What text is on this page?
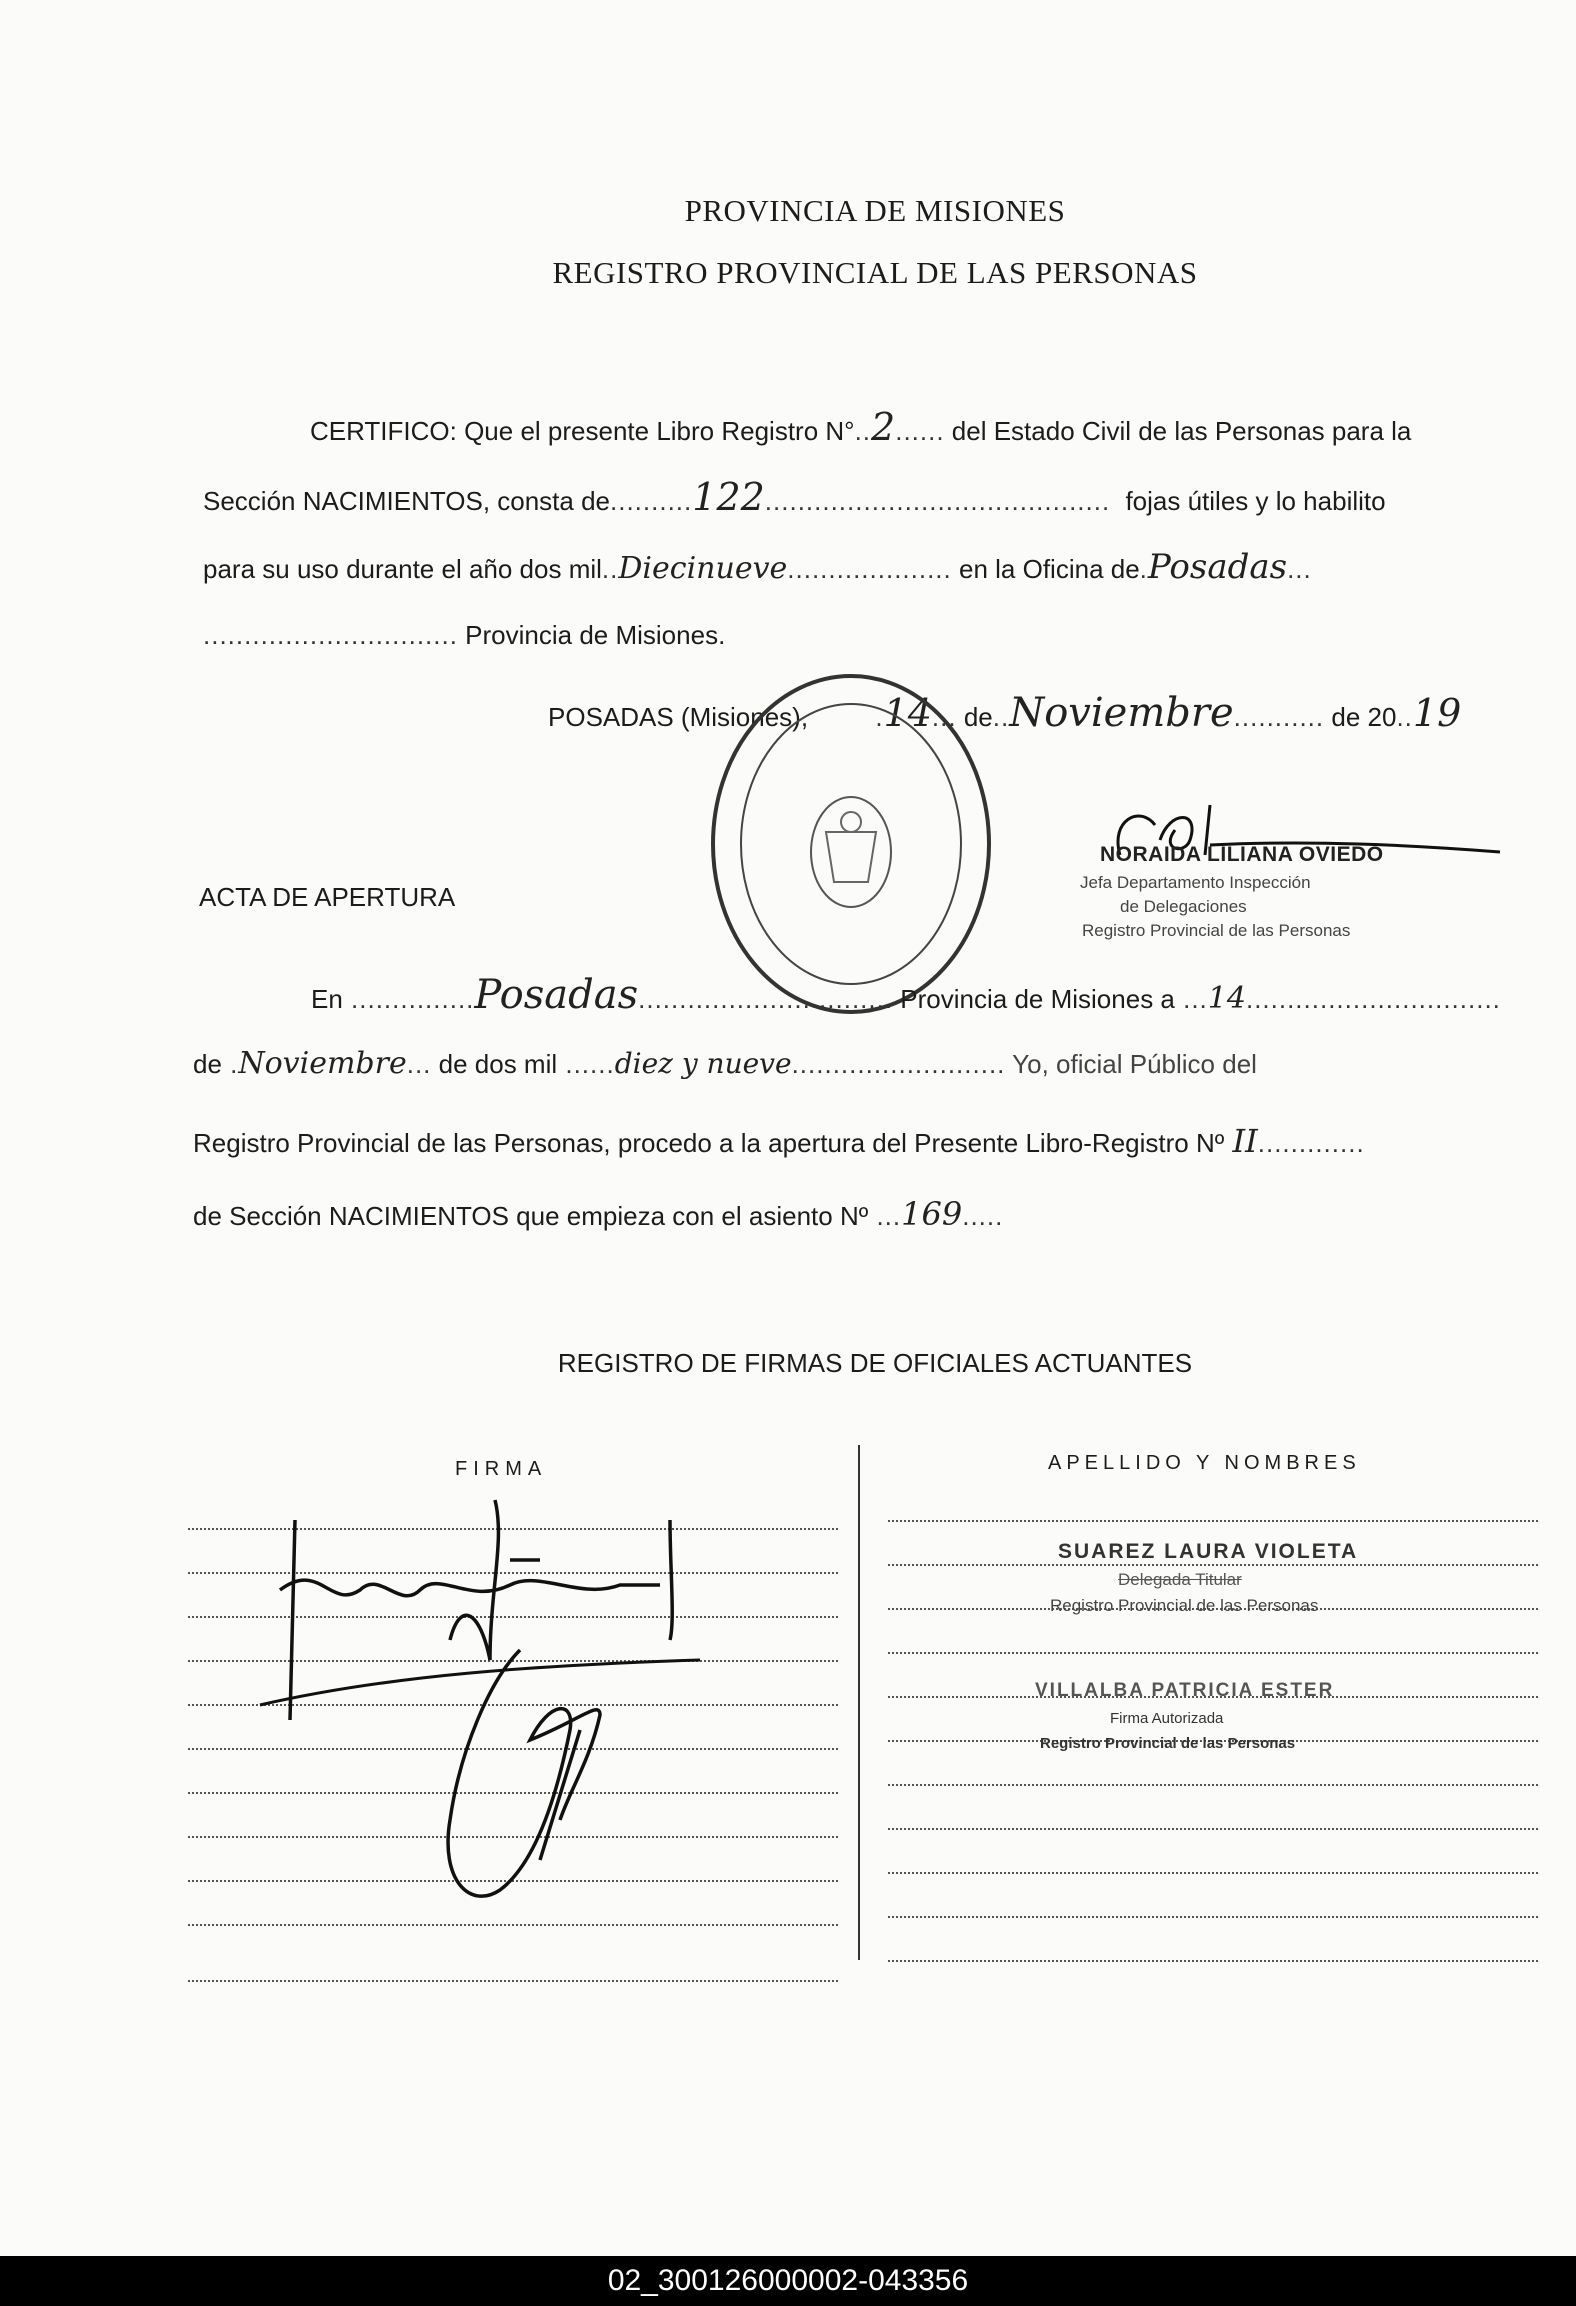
PROVINCIA DE MISIONES
REGISTRO PROVINCIAL DE LAS PERSONAS
CERTIFICO: Que el presente Libro Registro N°..2...... del Estado Civil de las Personas para la
Sección NACIMIENTOS, consta de..........122.......................................... fojas útiles y lo habilito
para su uso durante el año dos mil..Diecinueve.................... en la Oficina de.Posadas...
............................... Provincia de Misiones.
POSADAS (Misiones),	.14... de..Noviembre........... de 20..19
NORAIDA LILIANA OVIEDO
Jefa Departamento Inspección
de Delegaciones
Registro Provincial de las Personas
ACTA DE APERTURA
En ...............Posadas............................... Provincia de Misiones a ...14...............................
de .Noviembre... de dos mil ......diez y nueve.......................... Yo, oficial Público del
Registro Provincial de las Personas, procedo a la apertura del Presente Libro-Registro Nº II.............
de Sección NACIMIENTOS que empieza con el asiento Nº ...169.....
REGISTRO DE FIRMAS DE OFICIALES ACTUANTES
FIRMA	APELLIDO Y NOMBRES
SUAREZ LAURA VIOLETA
Delegada Titular
Registro Provincial de las Personas
VILLALBA PATRICIA ESTER
Firma Autorizada
Registro Provincial de las Personas
02_300126000002-043356
